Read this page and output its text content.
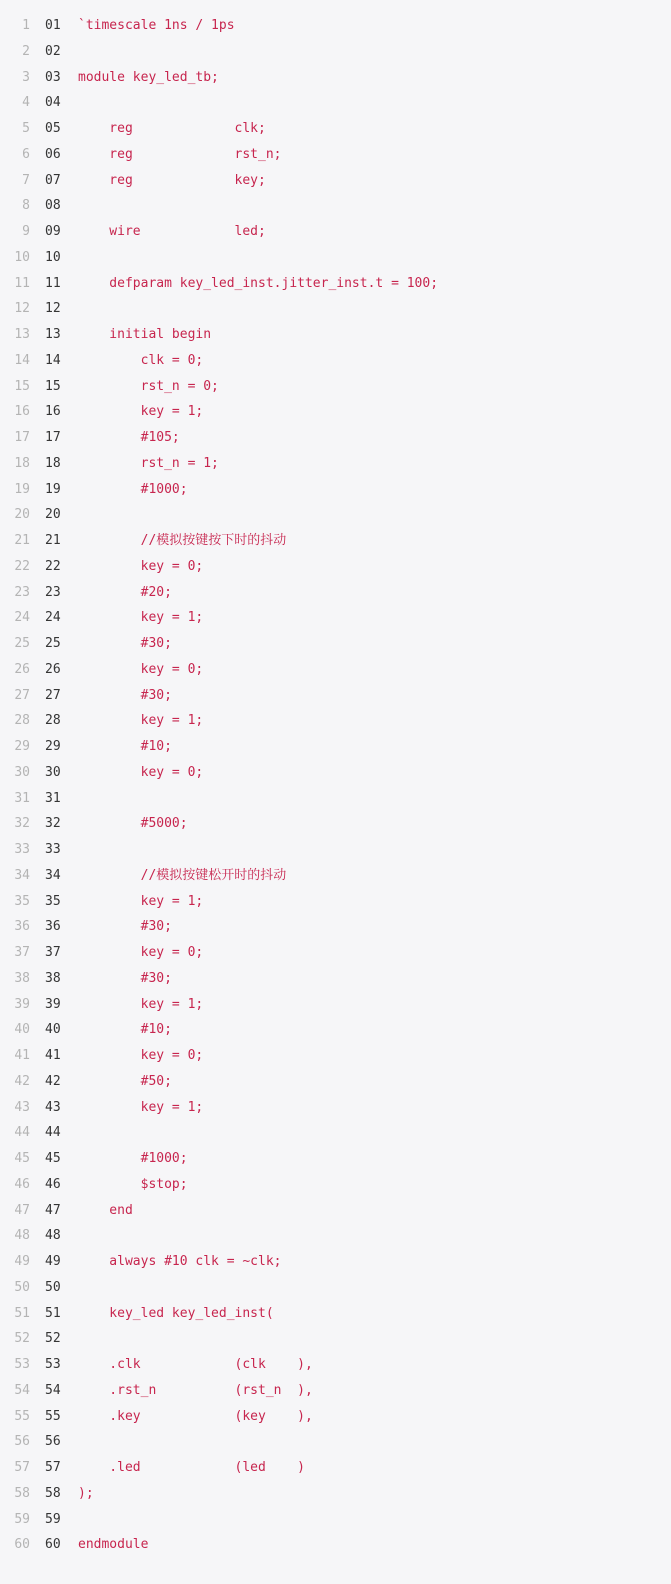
1	01 `timescale 1ns / 1ps
2	02
3	03 module key_led_tb;
4	04
5	05 reg             clk;
6	06 reg             rst_n;
7	07 reg             key;
8	08
9	09 wire            led;
10	10
11	11 defparam key_led_inst.jitter_inst.t = 100;
12	12
13	13 initial begin
14	14 clk = 0;
15	15 rst_n = 0;
16	16 key = 1;
17	17 #105;
18	18 rst_n = 1;
19	19 #1000;
20	20
21	21 //模拟按键按下时的抖动
22	22 key = 0;
23	23 #20;
24	24 key = 1;
25	25 #30;
26	26 key = 0;
27	27 #30;
28	28 key = 1;
29	29 #10;
30	30 key = 0;
31	31
32	32 #5000;
33	33
34	34 //模拟按键松开时的抖动
35	35 key = 1;
36	36 #30;
37	37 key = 0;
38	38 #30;
39	39 key = 1;
40	40 #10;
41	41 key = 0;
42	42 #50;
43	43 key = 1;
44	44
45	45 #1000;
46	46 $stop;
47	47 end
48	48
49	49 always #10 clk = ~clk;
50	50
51	51 key_led key_led_inst(
52	52
53	53 .clk            (clk    ),
54	54 .rst_n          (rst_n  ),
55	55 .key            (key    ),
56	56
57	57 .led            (led    )
58	58 );
59	59
60	60 endmodule
